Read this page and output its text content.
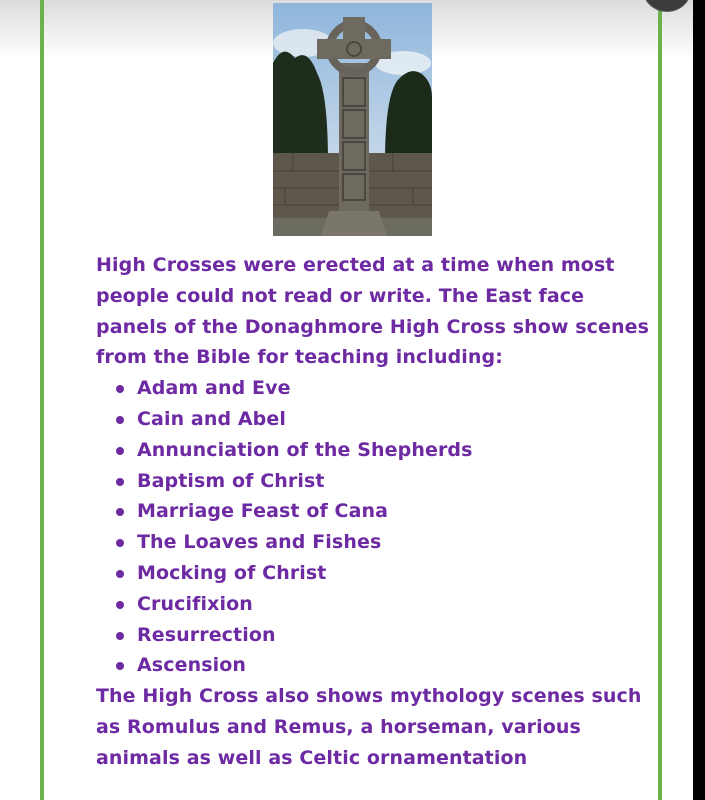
High Crosses were erected at a time when most people could not read or write. The East face panels of the Donaghmore High Cross show scenes from the Bible for teaching including:

Adam and Eve
Cain and Abel
Annunciation of the Shepherds
Baptism of Christ
Marriage Feast of Cana
The Loaves and Fishes
Mocking of Christ
Crucifixion
Resurrection
Ascension

The High Cross also shows mythology scenes such as Romulus and Remus, a horseman, various animals as well as Celtic ornamentation
